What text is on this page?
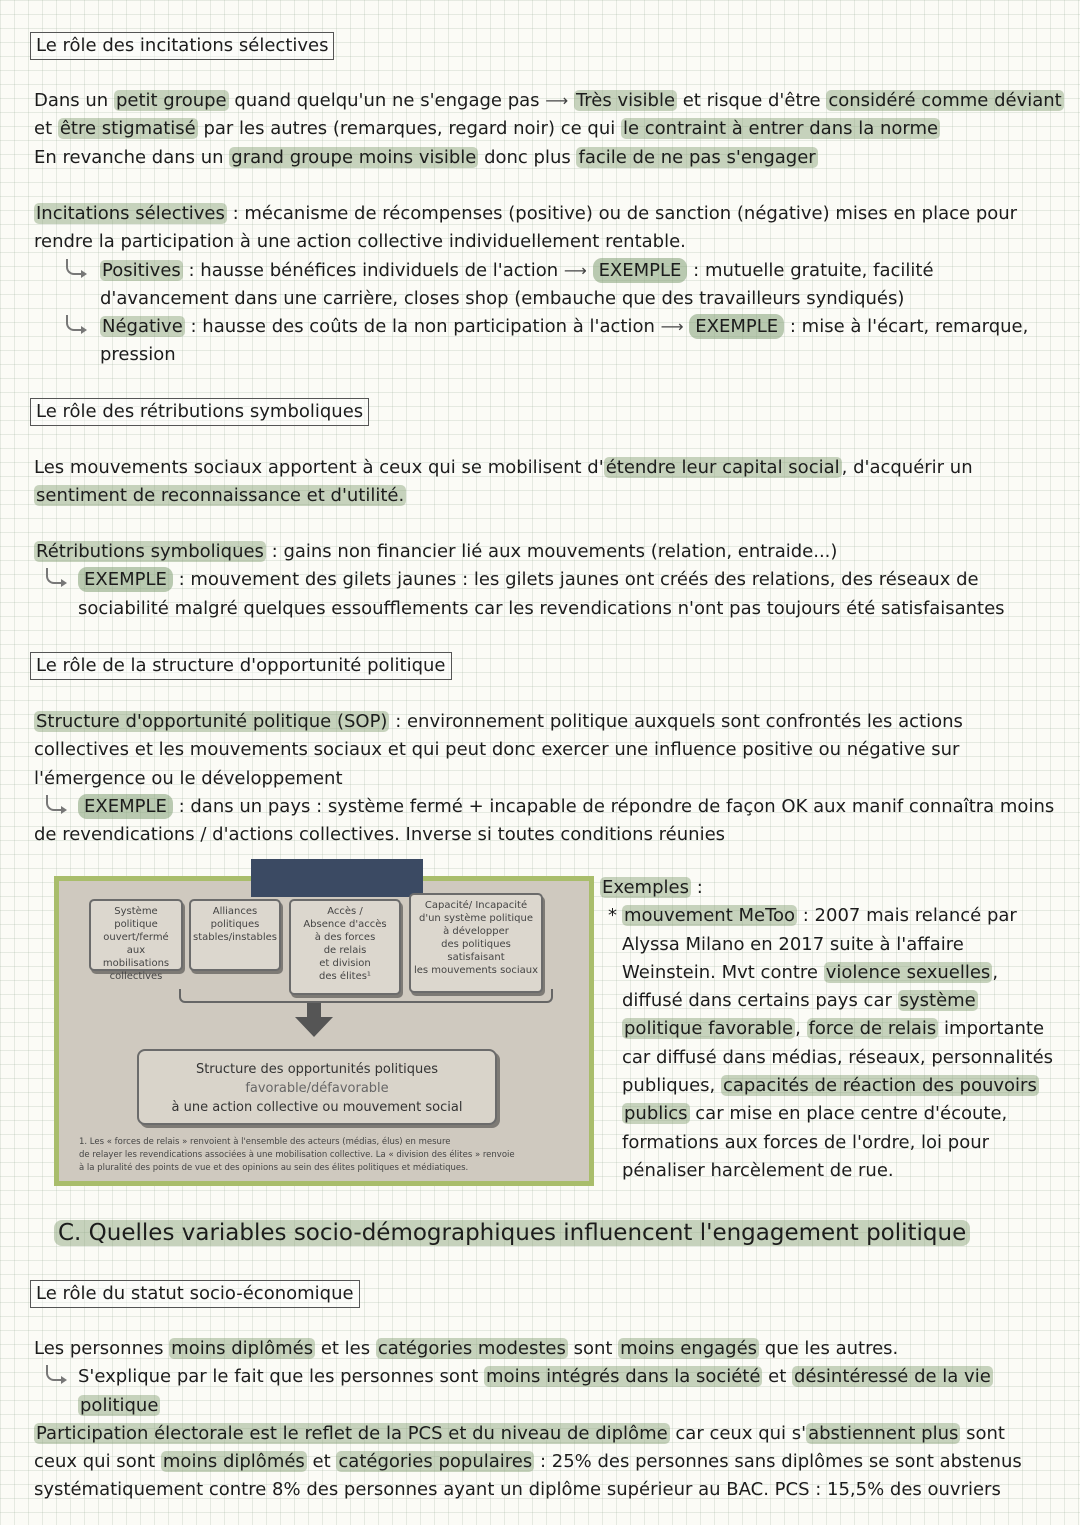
Le rôle des incitations sélectives

Dans un petit groupe quand quelqu'un ne s'engage pas ⟶ Très visible et risque d'être considéré comme déviant

et être stigmatisé par les autres (remarques, regard noir) ce qui le contraint à entrer dans la norme

En revanche dans un grand groupe moins visible donc plus facile de ne pas s'engager

Incitations sélectives : mécanisme de récompenses (positive) ou de sanction (négative) mises en place pour

rendre la participation à une action collective individuellement rentable.

Positives : hausse bénéfices individuels de l'action ⟶ EXEMPLE : mutuelle gratuite, facilité

d'avancement dans une carrière, closes shop (embauche que des travailleurs syndiqués)

Négative : hausse des coûts de la non participation à l'action ⟶ EXEMPLE : mise à l'écart, remarque,

pression

Le rôle des rétributions symboliques

Les mouvements sociaux apportent à ceux qui se mobilisent d' étendre leur capital social , d'acquérir un

sentiment de reconnaissance et d'utilité.

Rétributions symboliques : gains non financier lié aux mouvements (relation, entraide...)

EXEMPLE : mouvement des gilets jaunes : les gilets jaunes ont créés des relations, des réseaux de

sociabilité malgré quelques essoufflements car les revendications n'ont pas toujours été satisfaisantes

Le rôle de la structure d'opportunité politique

Structure d'opportunité politique (SOP) : environnement politique auxquels sont confrontés les actions

collectives et les mouvements sociaux et qui peut donc exercer une influence positive ou négative sur

l'émergence ou le développement

EXEMPLE : dans un pays : système fermé + incapable de répondre de façon OK aux manif connaîtra moins

de revendications / d'actions collectives. Inverse si toutes conditions réunies

Système politique
ouvert/fermé
aux mobilisations
collectives
Alliances
politiques
stables/instables
Accès /
Absence d'accès
à des forces
de relais
et division
des élites¹
Capacité/ Incapacité
d'un système politique
à développer
des politiques
satisfaisant
les mouvements sociaux
Structure des opportunités politiques
favorable/défavorable
à une action collective ou mouvement social
1. Les « forces de relais » renvoient à l'ensemble des acteurs (médias, élus) en mesure
de relayer les revendications associées à une mobilisation collective. La « division des élites » renvoie
à la pluralité des points de vue et des opinions au sein des élites politiques et médiatiques.

Exemples :

* mouvement MeToo : 2007 mais relancé par

Alyssa Milano en 2017 suite à l'affaire

Weinstein. Mvt contre violence sexuelles ,

diffusé dans certains pays car système

politique favorable , force de relais importante

car diffusé dans médias, réseaux, personnalités

publiques, capacités de réaction des pouvoirs

publics car mise en place centre d'écoute,

formations aux forces de l'ordre, loi pour

pénaliser harcèlement de rue.

C. Quelles variables socio-démographiques influencent l'engagement politique
Le rôle du statut socio-économique

Les personnes moins diplômés et les catégories modestes sont moins engagés que les autres.

S'explique par le fait que les personnes sont moins intégrés dans la société et désintéressé de la vie

politique

Participation électorale est le reflet de la PCS et du niveau de diplôme car ceux qui s' abstiennent plus sont

ceux qui sont moins diplômés et catégories populaires : 25% des personnes sans diplômes se sont abstenus

systématiquement contre 8% des personnes ayant un diplôme supérieur au BAC. PCS : 15,5% des ouvriers
